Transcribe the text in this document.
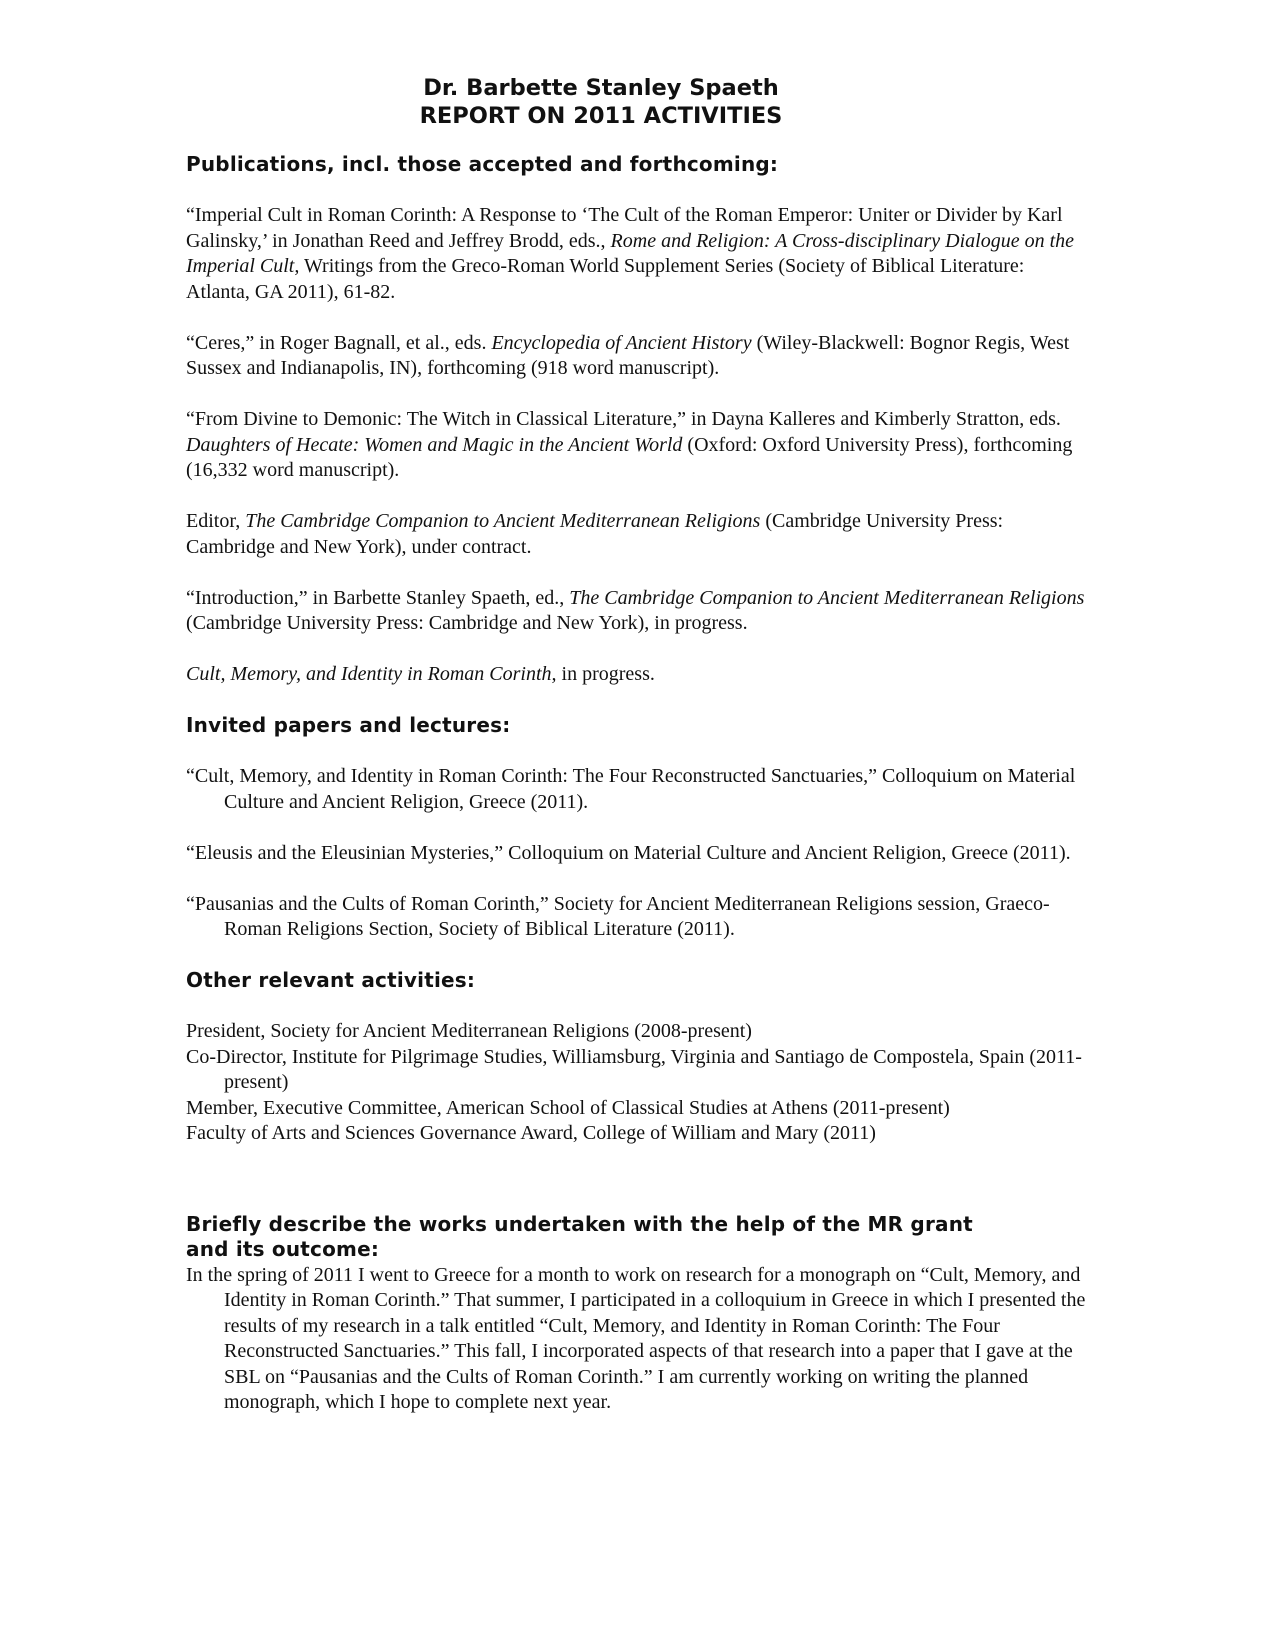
Dr. Barbette Stanley Spaeth
REPORT ON 2011 ACTIVITIES
Publications, incl. those accepted and forthcoming:

“Imperial Cult in Roman Corinth: A Response to ‘The Cult of the Roman Emperor: Uniter or Divider by Karl Galinsky,’ in Jonathan Reed and Jeffrey Brodd, eds., Rome and Religion: A Cross-disciplinary Dialogue on the Imperial Cult, Writings from the Greco-Roman World Supplement Series (Society of Biblical Literature: Atlanta, GA 2011), 61-82.

“Ceres,” in Roger Bagnall, et al., eds. Encyclopedia of Ancient History (Wiley-Blackwell: Bognor Regis, West Sussex and Indianapolis, IN), forthcoming (918 word manuscript).

“From Divine to Demonic: The Witch in Classical Literature,” in Dayna Kalleres and Kimberly Stratton, eds. Daughters of Hecate: Women and Magic in the Ancient World (Oxford: Oxford University Press), forthcoming (16,332 word manuscript).

Editor, The Cambridge Companion to Ancient Mediterranean Religions (Cambridge University Press: Cambridge and New York), under contract.

“Introduction,” in Barbette Stanley Spaeth, ed., The Cambridge Companion to Ancient Mediterranean Religions (Cambridge University Press: Cambridge and New York), in progress.

Cult, Memory, and Identity in Roman Corinth, in progress.

Invited papers and lectures:

“Cult, Memory, and Identity in Roman Corinth: The Four Reconstructed Sanctuaries,” Colloquium on Material Culture and Ancient Religion, Greece (2011).

“Eleusis and the Eleusinian Mysteries,” Colloquium on Material Culture and Ancient Religion, Greece (2011).

“Pausanias and the Cults of Roman Corinth,” Society for Ancient Mediterranean Religions session, Graeco-Roman Religions Section, Society of Biblical Literature (2011).

Other relevant activities:

President, Society for Ancient Mediterranean Religions (2008-present)

Co-Director, Institute for Pilgrimage Studies, Williamsburg, Virginia and Santiago de Compostela, Spain (2011-present)

Member, Executive Committee, American School of Classical Studies at Athens (2011-present)

Faculty of Arts and Sciences Governance Award, College of William and Mary (2011)

Briefly describe the works undertaken with the help of the MR grant
and its outcome:

In the spring of 2011 I went to Greece for a month to work on research for a monograph on “Cult, Memory, and Identity in Roman Corinth.” That summer, I participated in a colloquium in Greece in which I presented the results of my research in a talk entitled “Cult, Memory, and Identity in Roman Corinth: The Four Reconstructed Sanctuaries.” This fall, I incorporated aspects of that research into a paper that I gave at the SBL on “Pausanias and the Cults of Roman Corinth.” I am currently working on writing the planned monograph, which I hope to complete next year.
